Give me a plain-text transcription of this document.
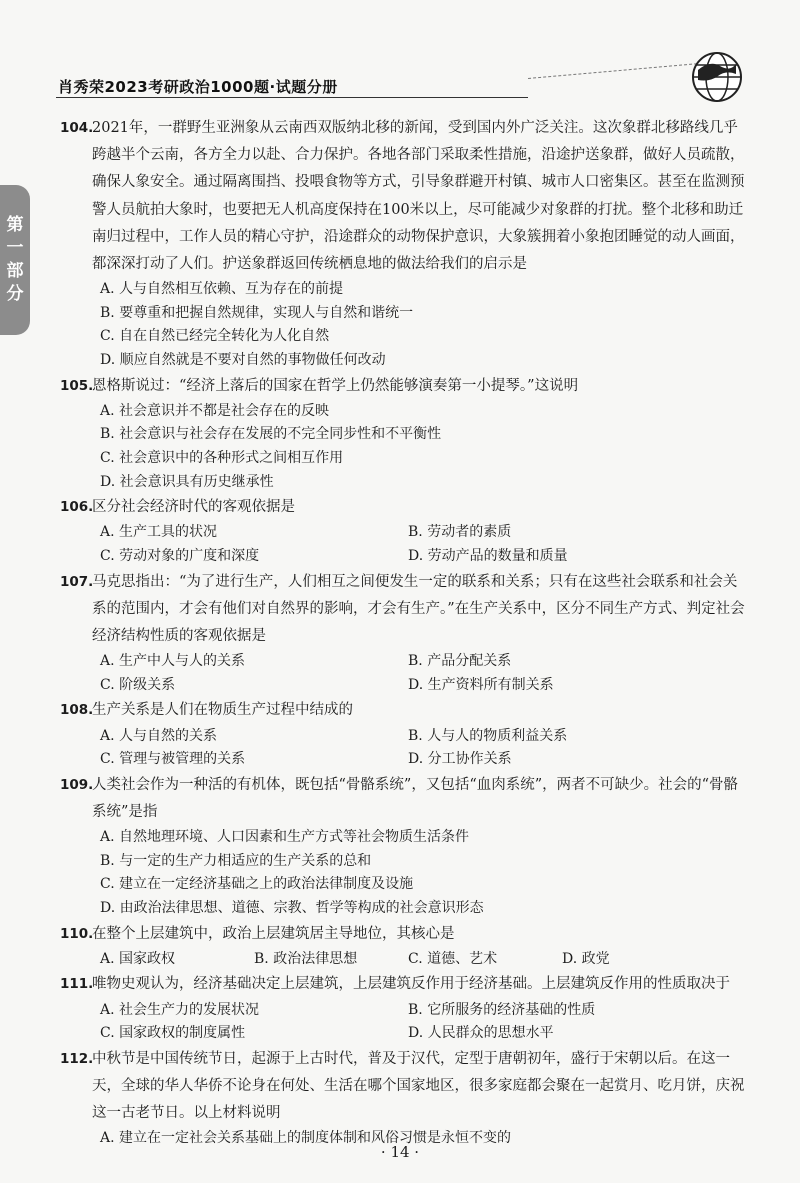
肖秀荣2023考研政治1000题·试题分册
第
一
部
分
104.
2021年，一群野生亚洲象从云南西双版纳北移的新闻，受到国内外广泛关注。这次象群北移路线几乎跨越半个云南，各方全力以赴、合力保护。各地各部门采取柔性措施，沿途护送象群，做好人员疏散，确保人象安全。通过隔离围挡、投喂食物等方式，引导象群避开村镇、城市人口密集区。甚至在监测预警人员航拍大象时，也要把无人机高度保持在100米以上，尽可能减少对象群的打扰。整个北移和助迁南归过程中，工作人员的精心守护，沿途群众的动物保护意识，大象簇拥着小象抱团睡觉的动人画面，都深深打动了人们。护送象群返回传统栖息地的做法给我们的启示是
A. 人与自然相互依赖、互为存在的前提
B. 要尊重和把握自然规律，实现人与自然和谐统一
C. 自在自然已经完全转化为人化自然
D. 顺应自然就是不要对自然的事物做任何改动
105.
恩格斯说过：“经济上落后的国家在哲学上仍然能够演奏第一小提琴。”这说明
A. 社会意识并不都是社会存在的反映
B. 社会意识与社会存在发展的不完全同步性和不平衡性
C. 社会意识中的各种形式之间相互作用
D. 社会意识具有历史继承性
106.
区分社会经济时代的客观依据是
A. 生产工具的状况	B. 劳动者的素质
C. 劳动对象的广度和深度	D. 劳动产品的数量和质量
107.
马克思指出：“为了进行生产，人们相互之间便发生一定的联系和关系；只有在这些社会联系和社会关系的范围内，才会有他们对自然界的影响，才会有生产。”在生产关系中，区分不同生产方式、判定社会经济结构性质的客观依据是
A. 生产中人与人的关系	B. 产品分配关系
C. 阶级关系	D. 生产资料所有制关系
108.
生产关系是人们在物质生产过程中结成的
A. 人与自然的关系	B. 人与人的物质利益关系
C. 管理与被管理的关系	D. 分工协作关系
109.
人类社会作为一种活的有机体，既包括“骨骼系统”，又包括“血肉系统”，两者不可缺少。社会的“骨骼系统”是指
A. 自然地理环境、人口因素和生产方式等社会物质生活条件
B. 与一定的生产力相适应的生产关系的总和
C. 建立在一定经济基础之上的政治法律制度及设施
D. 由政治法律思想、道德、宗教、哲学等构成的社会意识形态
110.
在整个上层建筑中，政治上层建筑居主导地位，其核心是
A. 国家政权	B. 政治法律思想	C. 道德、艺术	D. 政党
111.
唯物史观认为，经济基础决定上层建筑，上层建筑反作用于经济基础。上层建筑反作用的性质取决于
A. 社会生产力的发展状况	B. 它所服务的经济基础的性质
C. 国家政权的制度属性	D. 人民群众的思想水平
112.
中秋节是中国传统节日，起源于上古时代，普及于汉代，定型于唐朝初年，盛行于宋朝以后。在这一天，全球的华人华侨不论身在何处、生活在哪个国家地区，很多家庭都会聚在一起赏月、吃月饼，庆祝这一古老节日。以上材料说明
A. 建立在一定社会关系基础上的制度体制和风俗习惯是永恒不变的
· 14 ·
